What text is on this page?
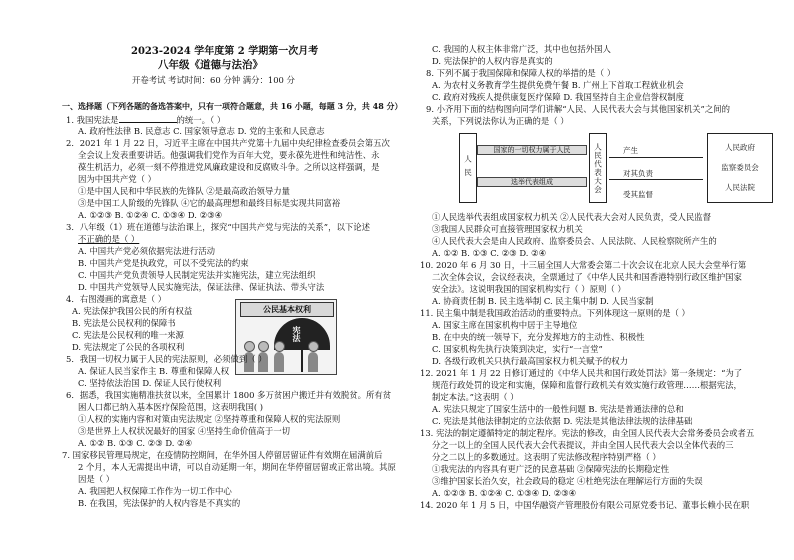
2023-2024 学年度第 2 学期第一次月考
八年级《道德与法治》
开卷考试 考试时间：60 分钟 满分：100 分
一、选择题（下列各题的备选答案中，只有一项符合题意，共 16 小题，每题 3 分，共 48 分）
1. 我国宪法是	的统一。（ ）
A. 政府性法律 B. 民意志 C. 国家领导意志 D. 党的主张和人民意志
2．2021 年 1 月 22 日，习近平主席在中国共产党第十九届中央纪律检查委员会第五次
全会议上发表重要讲话。他强调我们党作为百年大党，要永葆先进性和纯洁性、永
葆生机活力，必须一刻不停推进党风廉政建设和反腐败斗争。之所以这样强调，是
因为中国共产党（ ）
①是中国人民和中华民族的先锋队 ②是最高政治领导力量
③是中国工人阶级的先锋队 ④它的最高理想和最终目标是实现共同富裕
A. ①②③ B. ①②④ C. ①③④ D. ②③④
3．八年级（1）班在道德与法治课上，探究“中国共产党与宪法的关系”，以下论述
不正确的是（ ）
A. 中国共产党必须依据宪法进行活动
B. 中国共产党是执政党，可以不受宪法的约束
C. 中国共产党负责领导人民制定宪法并实施宪法，建立宪法组织
D. 中国共产党领导人民实施宪法，保证法律、保证执法、带头守法
4．右图漫画的寓意是（ ）
A. 宪法保护我国公民的所有权益
B. 宪法是公民权利的保障书
C. 宪法是公民权利的唯一来源
D. 宪法规定了公民的各项权利
公民基本权利
宪法
5．我国一切权力属于人民的宪法原则，必须做到（ ）
A. 保证人民当家作主 B. 尊重和保障人权
C. 坚持依法治国 D. 保证人民行使权利
6．据悉，我国实施精准扶贫以来，全国累计 1800 多万贫困户搬迁并有效脱贫。所有贫
困人口都已纳入基本医疗保险范围，这表明我国( )
①人权的实施内容和对策由宪法规定 ②坚持尊重和保障人权的宪法原则
③是世界上人权状况最好的国家 ④坚持生命价值高于一切
A. ①② B. ①③ C. ②③ D. ②④
7. 国家移民管理局规定，在疫情防控期间，在华外国人停留居留证件有效期在届满前后
2 个月，本人无需提出申请，可以自动延期一年，期间在华停留居留或正常出境。其原
因是（ ）
A. 我国把人权保障工作作为一切工作中心
B. 在我国，宪法保护的人权内容是不真实的
C. 我国的人权主体非常广泛，其中也包括外国人
D. 宪法保护的人权内容是真实的
8. 下列不属于我国保障和保障人权的举措的是（ ）
A. 为农村义务教育学生提供免费午餐 B. 广州上下首取工程就业机会
C. 政府对残疾人提供康复医疗保障 D. 我国坚持自主企业信誉权制度
9. 小齐用下面的结构图向同学们讲解“人民、人民代表大会与其他国家机关”之间的
关系，下列说法你认为正确的是（ ）
人民
国家的一切权力属于人民
选举代表组成	人民代表大会	产生
对其负责
受其监督
人民政府
监察委员会
人民法院
①人民选举代表组成国家权力机关 ②人民代表大会对人民负责，受人民监督
③我国人民群众可直接管理国家权力机关
④人民代表大会是由人民政府、监察委员会、人民法院、人民检察院所产生的
A. ①② B. ①③ C. ②③ D. ②④
10. 2020 年 6 月 30 日，十三届全国人大常委会第二十次会议在北京人民大会堂举行第
二次全体会议，会议经表决，全票通过了《中华人民共和国香港特别行政区维护国家
安全法》。这说明我国的国家机构实行（ ）原则（ ）
A. 协商责任制 B. 民主选举制 C. 民主集中制 D. 人民当家制
11. 民主集中制是我国政治活动的重要特点。下列体现这一原则的是（ ）
A. 国家主席在国家机构中居于主导地位
B. 在中央的统一领导下，充分发挥地方的主动性、积极性
C. 国家机构先执行决策到决定，实行“一言堂”
D. 各级行政机关只执行最高国家权力机关赋予的权力
12. 2021 年 1 月 22 日修订通过的《中华人民共和国行政处罚法》第一条规定：“为了
规范行政处罚的设定和实施，保障和监督行政机关有效实施行政管理……根据宪法，
制定本法。”这表明（ ）
A. 宪法只规定了国家生活中的一般性问题 B. 宪法是普通法律的总和
C. 宪法是其他法律制定的立法依据 D. 宪法是其他法律法规的法律基础
13. 宪法的制定遵循特定的制定程序。宪法的修改，由全国人民代表大会常务委员会或者五
分之一以上的全国人民代表大会代表提议，并由全国人民代表大会以全体代表的三
分之二以上的多数通过。这表明了宪法修改程序特别严格（ ）
①我宪法的内容具有更广泛的民意基础 ②保障宪法的长期稳定性
③维护国家长治久安，社会政局的稳定 ④杜绝宪法在理解运行方面的失误
A. ①②③ B. ①②④ C. ①③④ D. ②③④
14. 2020 年 1 月 5 日，中国华融资产管理股份有限公司原党委书记、董事长赖小民在职
